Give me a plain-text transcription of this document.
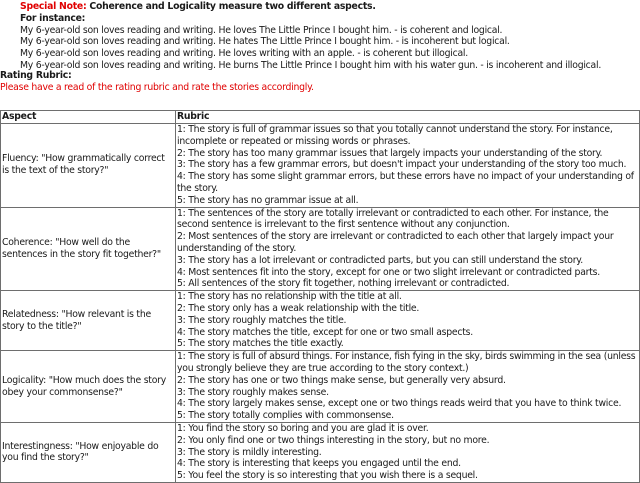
Special Note: Coherence and Logicality measure two different aspects.
For instance:
My 6-year-old son loves reading and writing. He loves The Little Prince I bought him. - is coherent and logical.
My 6-year-old son loves reading and writing. He hates The Little Prince I bought him. - is incoherent but logical.
My 6-year-old son loves reading and writing. He loves writing with an apple. - is coherent but illogical.
My 6-year-old son loves reading and writing. He burns The Little Prince I bought him with his water gun. - is incoherent and illogical.
Rating Rubric:
Please have a read of the rating rubric and rate the stories accordingly.
Aspect	Rubric
Fluency: "How grammatically correct is the text of the story?"	1: The story is full of grammar issues so that you totally cannot understand the story. For instance, incomplete or repeated or missing words or phrases.
2: The story has too many grammar issues that largely impacts your understanding of the story.
3: The story has a few grammar errors, but doesn't impact your understanding of the story too much.
4: The story has some slight grammar errors, but these errors have no impact of your understanding of the story.
5: The story has no grammar issue at all.

Coherence: "How well do the sentences in the story fit together?"	1: The sentences of the story are totally irrelevant or contradicted to each other. For instance, the second sentence is irrelevant to the first sentence without any conjunction.
2: Most sentences of the story are irrelevant or contradicted to each other that largely impact your understanding of the story.
3: The story has a lot irrelevant or contradicted parts, but you can still understand the story.
4: Most sentences fit into the story, except for one or two slight irrelevant or contradicted parts.
5: All sentences of the story fit together, nothing irrelevant or contradicted.

Relatedness: "How relevant is the story to the title?"	1: The story has no relationship with the title at all.
2: The story only has a weak relationship with the title.
3: The story roughly matches the title.
4: The story matches the title, except for one or two small aspects.
5: The story matches the title exactly.

Logicality: "How much does the story obey your commonsense?"	1: The story is full of absurd things. For instance, fish fying in the sky, birds swimming in the sea (unless you strongly believe they are true according to the story context.)
2: The story has one or two things make sense, but generally very absurd.
3: The story roughly makes sense.
4: The story largely makes sense, except one or two things reads weird that you have to think twice.
5: The story totally complies with commonsense.

Interestingness: "How enjoyable do you find the story?"	1: You find the story so boring and you are glad it is over.
2: You only find one or two things interesting in the story, but no more.
3: The story is mildly interesting.
4: The story is interesting that keeps you engaged until the end.
5: You feel the story is so interesting that you wish there is a sequel.
